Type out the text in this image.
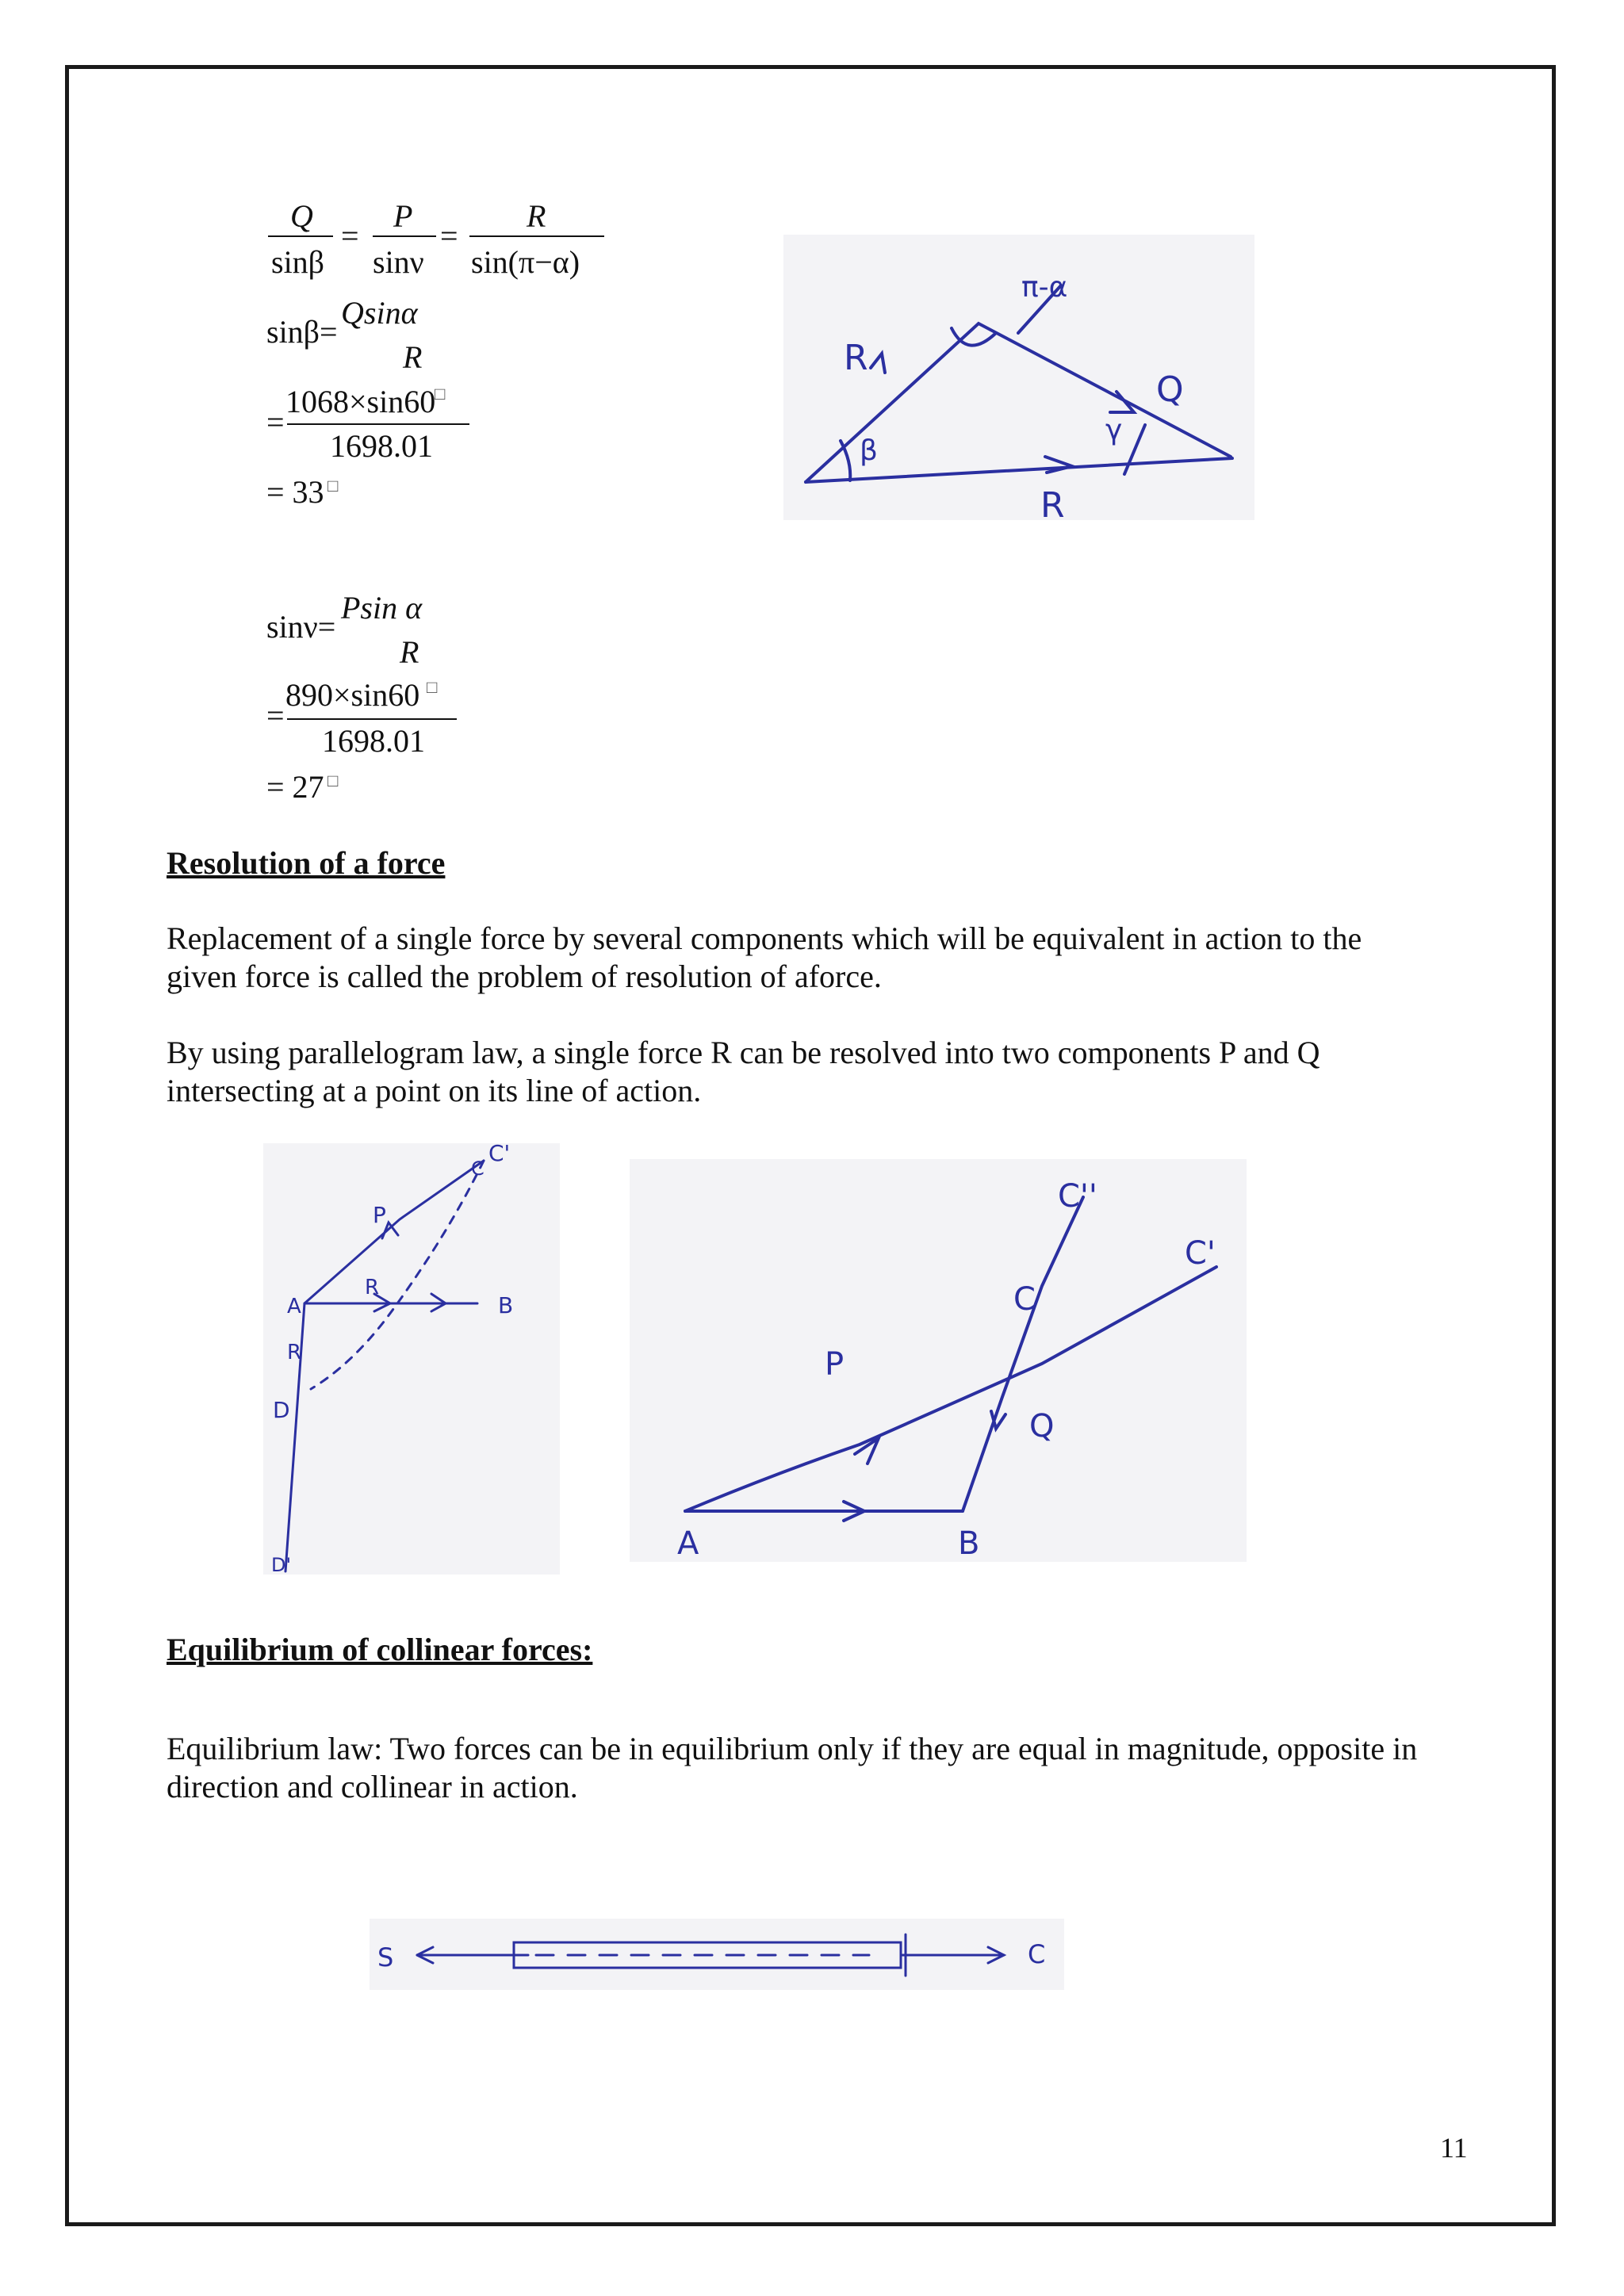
Q
=
sinβ
P
=
sinν
R
sin(π−α)
sinβ=
Qsinα
R
=
1068×sin60
□
1698.01
= 33 □
sinν=
Psin α
R
=
890×sin60 □
1698.01
= 27 □
R
π-α
Q
β
γ
R
Resolution of a force
Replacement of a single force by several components which will be equivalent in action to the
given force is called the problem of resolution of aforce.
By using parallelogram law, a single force R can be resolved into two components P and Q
intersecting at a point on its line of action.
C'
C
P
A
R
B
R
D
D'
C''
C'
C
P
Q
A	B
Equilibrium of collinear forces:
Equilibrium law: Two forces can be in equilibrium only if they are equal in magnitude, opposite in
direction and collinear in action.
S	C
11
